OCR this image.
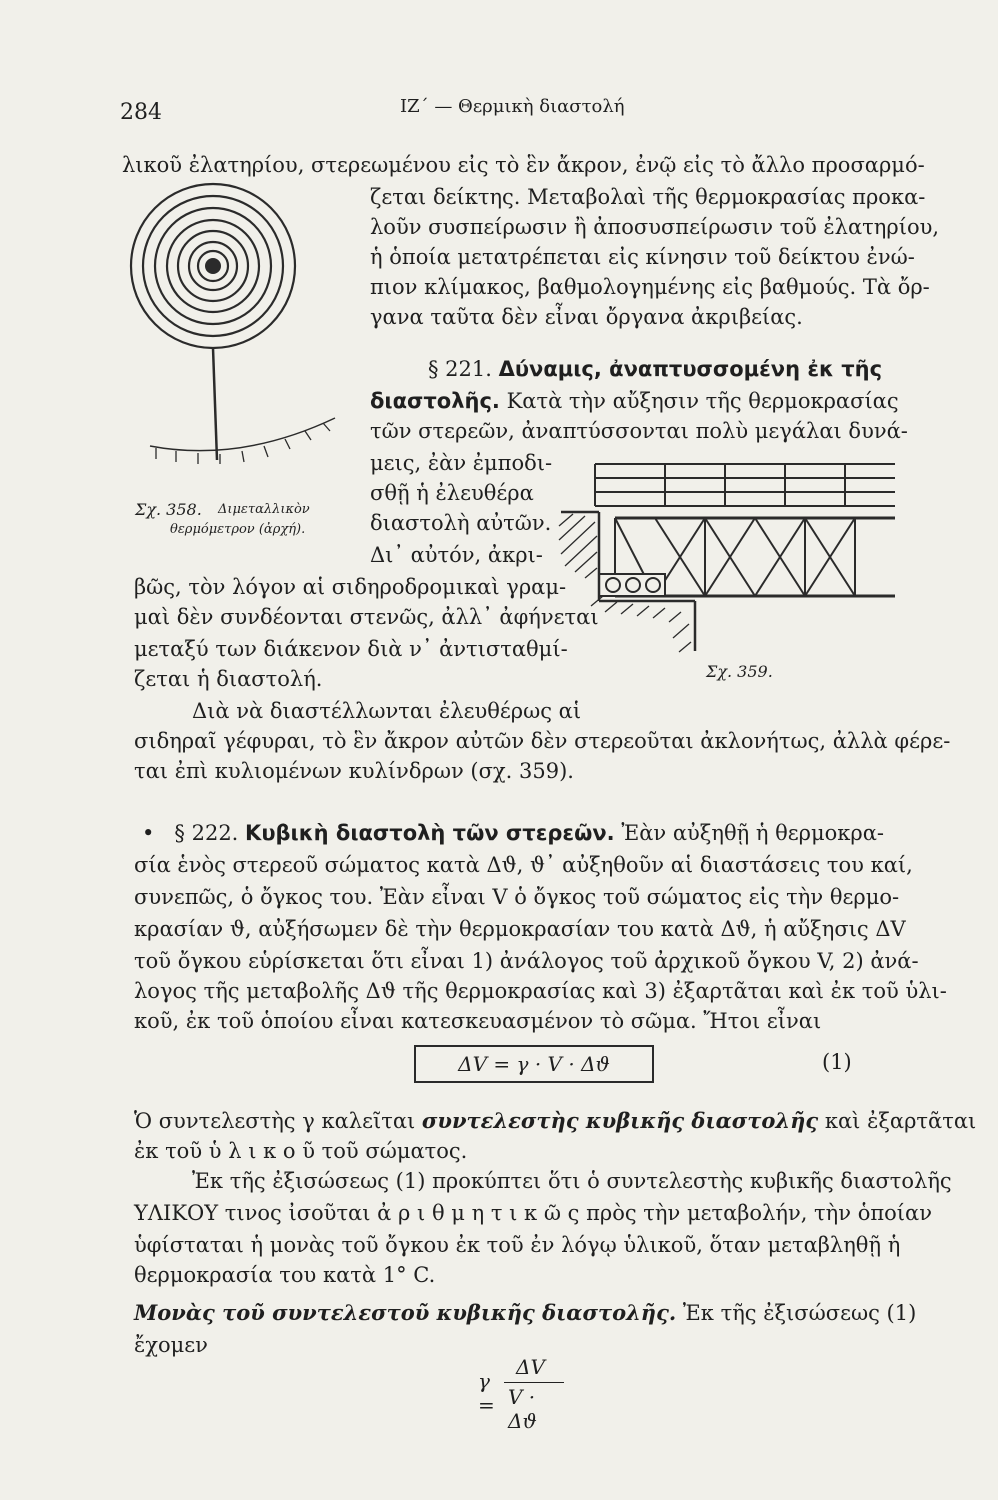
284	ΙΖ΄ — Θερμικὴ διαστολή
Σχ. 358. Διμεταλλικὸν
θερμόμετρον (ἀρχή).
Σχ. 359.
λικοῦ ἐλατηρίου, στερεωμένου εἰς τὸ ἓν ἄκρον, ἐνῷ εἰς τὸ ἄλλο προσαρμό-
ζεται δείκτης. Μεταβολαὶ τῆς θερμοκρασίας προκα-
λοῦν συσπείρωσιν ἢ ἀποσυσπείρωσιν τοῦ ἐλατηρίου,
ἡ ὁποία μετατρέπεται εἰς κίνησιν τοῦ δείκτου ἐνώ-
πιον κλίμακος, βαθμολογημένης εἰς βαθμούς. Τὰ ὄρ-
γανα ταῦτα δὲν εἶναι ὄργανα ἀκριβείας.
§ 221. Δύναμις, ἀναπτυσσομένη ἐκ τῆς
διαστολῆς. Κατὰ τὴν αὔξησιν τῆς θερμοκρασίας
τῶν στερεῶν, ἀναπτύσσονται πολὺ μεγάλαι δυνά-
μεις, ἐὰν ἐμποδι-
σθῇ ἡ ἐλευθέρα
διαστολὴ αὐτῶν.
Δι᾿ αὐτόν, ἀκρι-
βῶς, τὸν λόγον αἱ σιδηροδρομικαὶ γραμ-
μαὶ δὲν συνδέονται στενῶς, ἀλλ᾿ ἀφήνεται
μεταξύ των διάκενον διὰ ν᾿ ἀντισταθμί-
ζεται ἡ διαστολή.
Διὰ νὰ διαστέλλωνται ἐλευθέρως αἱ
σιδηραῖ γέφυραι, τὸ ἓν ἄκρον αὐτῶν δὲν στερεοῦται ἀκλονήτως, ἀλλὰ φέρε-
ται ἐπὶ κυλιομένων κυλίνδρων (σχ. 359).
• § 222. Κυβικὴ διαστολὴ τῶν στερεῶν. Ἐὰν αὐξηθῇ ἡ θερμοκρα-
σία ἑνὸς στερεοῦ σώματος κατὰ Δϑ, ϑ᾿ αὐξηθοῦν αἱ διαστάσεις του καί,
συνεπῶς, ὁ ὄγκος του. Ἐὰν εἶναι V ὁ ὄγκος τοῦ σώματος εἰς τὴν θερμο-
κρασίαν ϑ, αὐξήσωμεν δὲ τὴν θερμοκρασίαν του κατὰ Δϑ, ἡ αὔξησις ΔV
τοῦ ὄγκου εὑρίσκεται ὅτι εἶναι 1) ἀνάλογος τοῦ ἀρχικοῦ ὄγκου V, 2) ἀνά-
λογος τῆς μεταβολῆς Δϑ τῆς θερμοκρασίας καὶ 3) ἐξαρτᾶται καὶ ἐκ τοῦ ὑλι-
κοῦ, ἐκ τοῦ ὁποίου εἶναι κατεσκευασμένον τὸ σῶμα. Ἤτοι εἶναι
ΔV = γ · V · Δϑ	(1)
Ὁ συντελεστὴς γ καλεῖται συντελεστὴς κυβικῆς διαστολῆς καὶ ἐξαρτᾶται
ἐκ τοῦ ὑ λ ι κ ο ῦ τοῦ σώματος.
Ἐκ τῆς ἐξισώσεως (1) προκύπτει ὅτι ὁ συντελεστὴς κυβικῆς διαστολῆς
ΥΛΙΚΟΥ τινος ἰσοῦται ἀ ρ ι θ μ η τ ι κ ῶ ς πρὸς τὴν μεταβολήν, τὴν ὁποίαν
ὑφίσταται ἡ μονὰς τοῦ ὄγκου ἐκ τοῦ ἐν λόγῳ ὑλικοῦ, ὅταν μεταβληθῇ ἡ
θερμοκρασία του κατὰ 1° C.
Μονὰς τοῦ συντελεστοῦ κυβικῆς διαστολῆς. Ἐκ τῆς ἐξισώσεως (1)
ἔχομεν
γ =
ΔV
V · Δϑ
